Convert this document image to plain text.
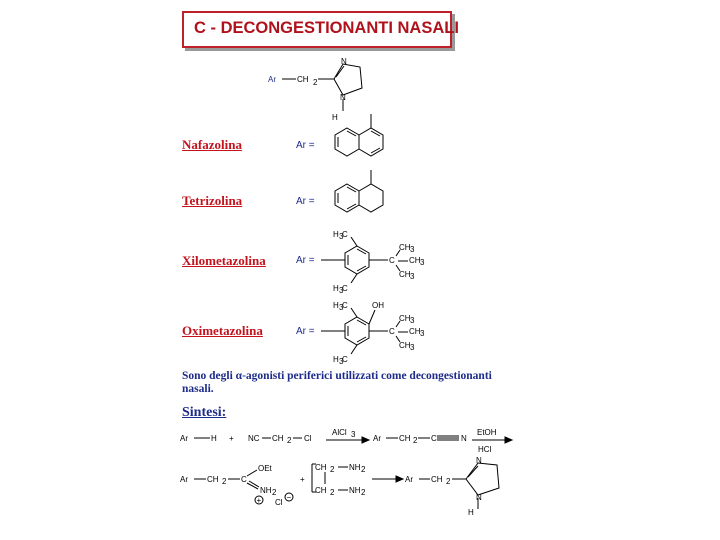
C - DECONGESTIONANTI NASALI
Nafazolina
Tetrizolina
Xilometazolina
Oximetazolina
Ar =
Ar =
Ar =
Ar =
Ar	CH 2
N
N
H
H 3
C
H 3
C
C
CH 3
CH 3
CH 3
H 3
C	OH
H 3
C
C
CH 3
CH 3
CH 3
Ar	H + NC CH 2 Cl
AlCl 3 Ar CH 2 C	N
EtOH
HCl
Ar CH 2 C
OEt
NH 2
+ Cl
−
+
CH 2 NH 2
CH 2 NH 2
Ar CH 2
N
N
H
Sono degli α-agonisti periferici utilizzati come decongestionanti nasali.
Sintesi:
